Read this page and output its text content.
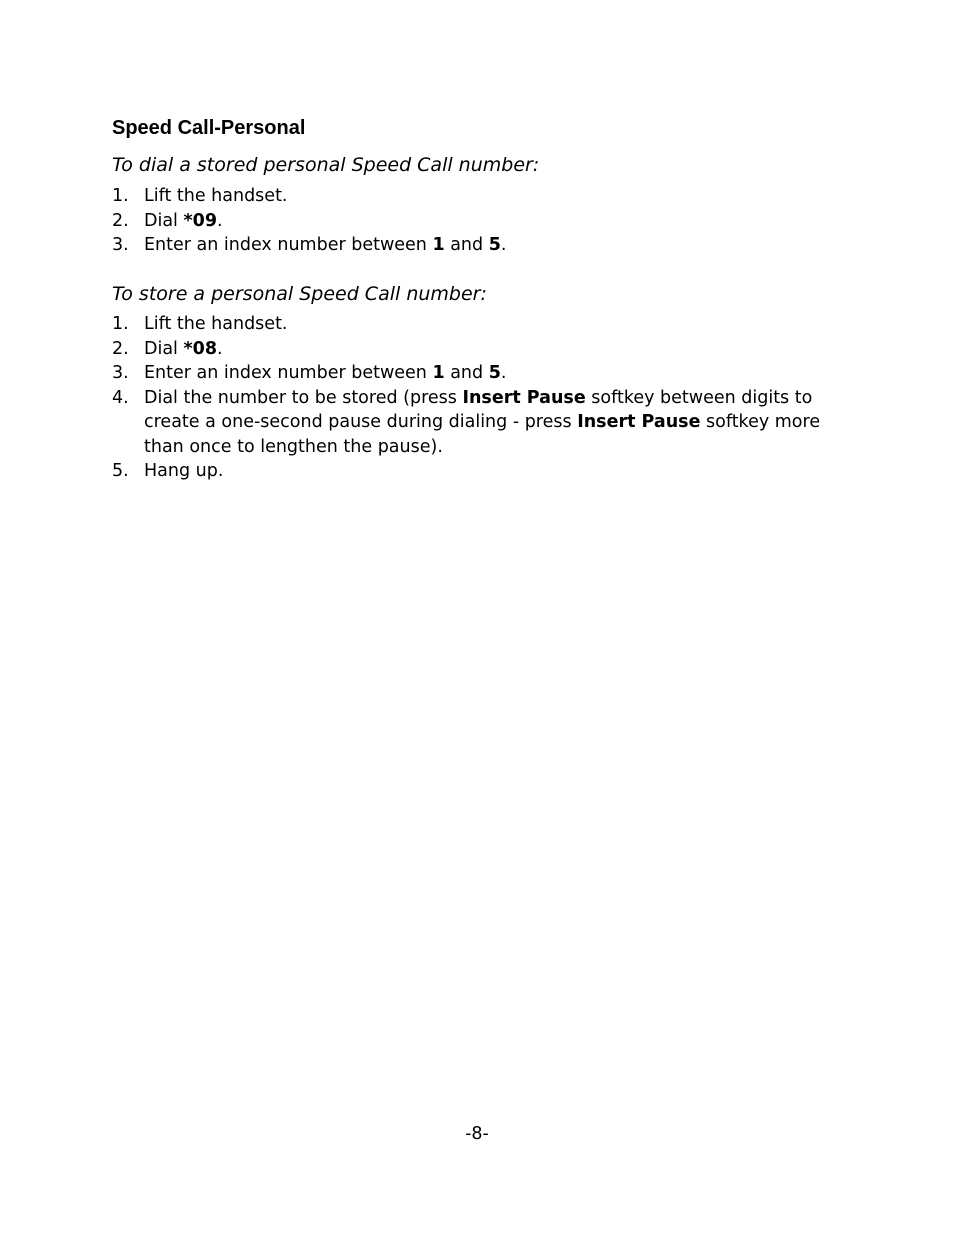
Speed Call-Personal

To dial a stored personal Speed Call number:

1. Lift the handset.
2. Dial *09.
3. Enter an index number between 1 and 5.

To store a personal Speed Call number:

1. Lift the handset.
2. Dial *08.
3. Enter an index number between 1 and 5.
4. Dial the number to be stored (press Insert Pause softkey between digits to create a one-second pause during dialing - press Insert Pause softkey more than once to lengthen the pause).
5. Hang up.

-8-
